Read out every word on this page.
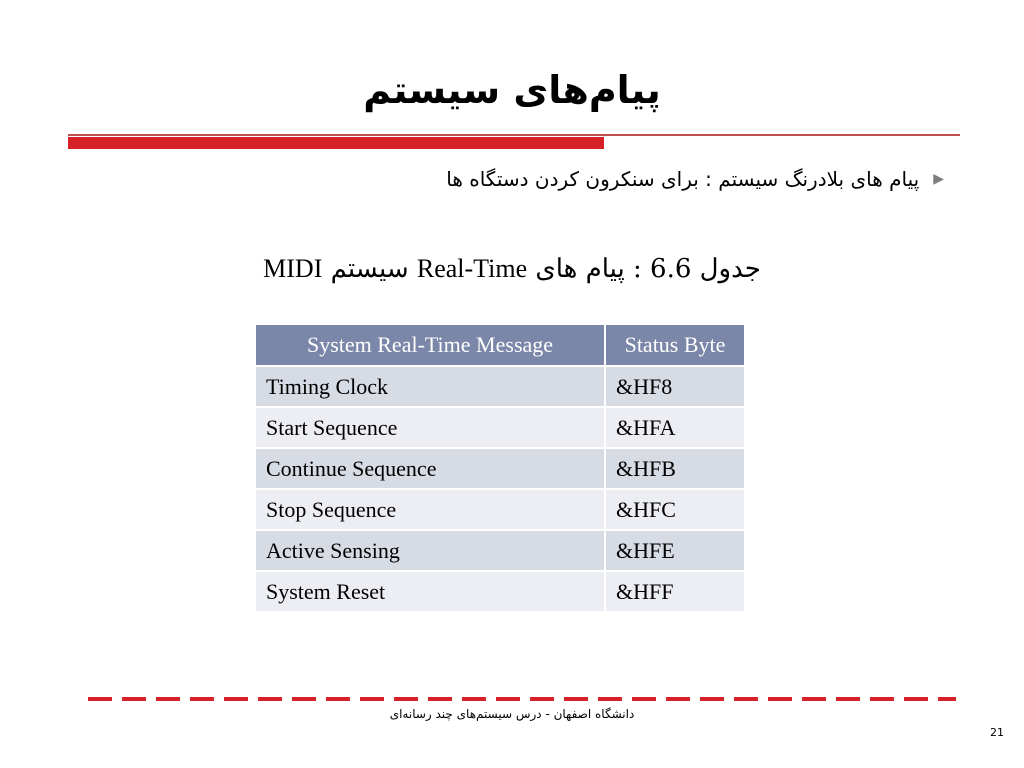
پیام‌های سیستم
▶
پیام های بلادرنگ سیستم : برای سنکرون کردن دستگاه ها
جدول 6.6 : پیام های Real-Time سیستم MIDI
System Real-Time Message	Status Byte
Timing Clock	&HF8
Start Sequence	&HFA
Continue Sequence	&HFB
Stop Sequence	&HFC
Active Sensing	&HFE
System Reset	&HFF
دانشگاه اصفهان - درس سیستم‌های چند رسانه‌ای
21
